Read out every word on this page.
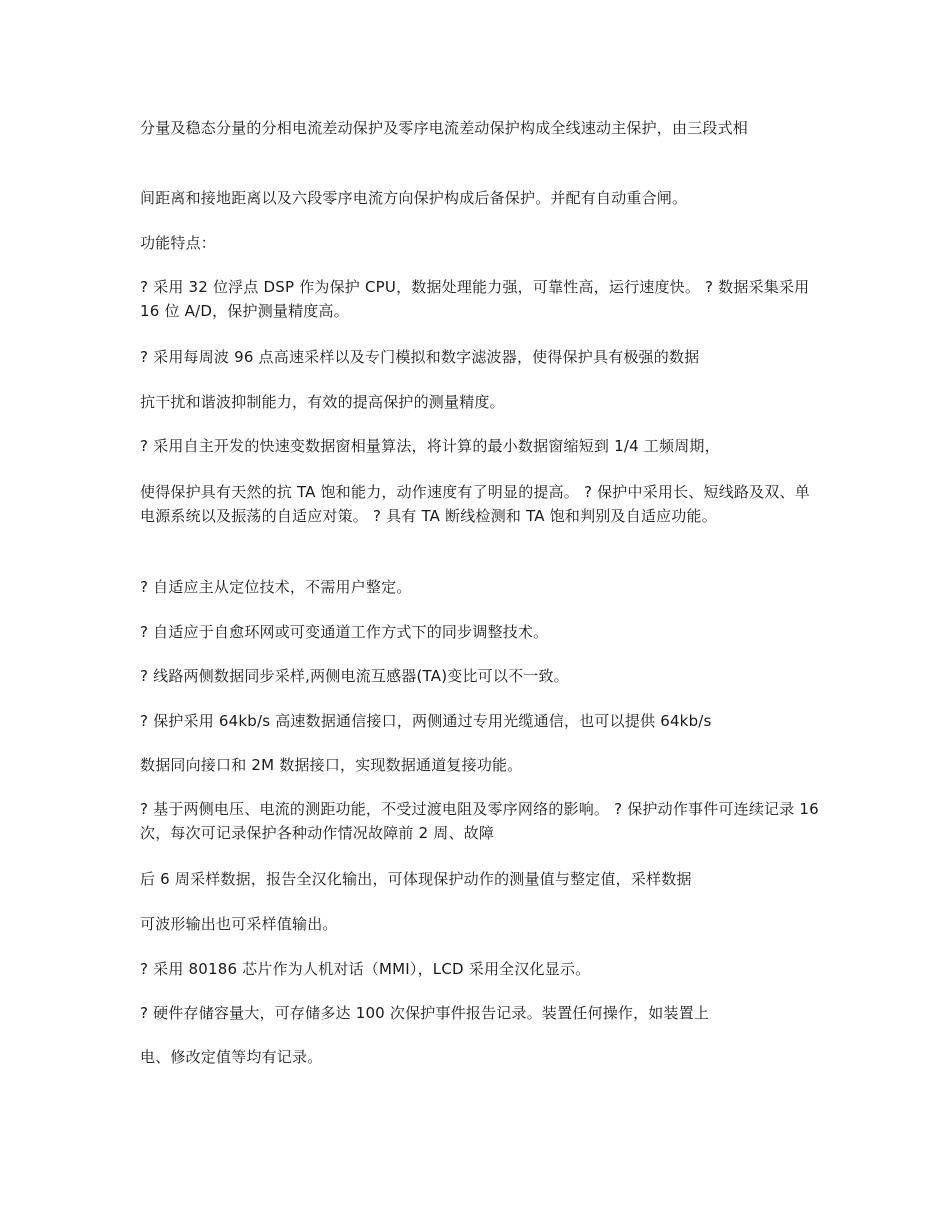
分量及稳态分量的分相电流差动保护及零序电流差动保护构成全线速动主保护，由三段式相

间距离和接地距离以及六段零序电流方向保护构成后备保护。并配有自动重合闸。

功能特点：

? 采用 32 位浮点 DSP 作为保护 CPU，数据处理能力强，可靠性高，运行速度快。 ? 数据采集采用 16 位 A/D，保护测量精度高。

? 采用每周波 96 点高速采样以及专门模拟和数字滤波器，使得保护具有极强的数据

抗干扰和谐波抑制能力，有效的提高保护的测量精度。

? 采用自主开发的快速变数据窗相量算法，将计算的最小数据窗缩短到 1/4 工频周期，

使得保护具有天然的抗 TA 饱和能力，动作速度有了明显的提高。 ? 保护中采用长、短线路及双、单电源系统以及振荡的自适应对策。 ? 具有 TA 断线检测和 TA 饱和判别及自适应功能。

? 自适应主从定位技术，不需用户整定。

? 自适应于自愈环网或可变通道工作方式下的同步调整技术。

? 线路两侧数据同步采样,两侧电流互感器(TA)变比可以不一致。

? 保护采用 64kb/s 高速数据通信接口，两侧通过专用光缆通信，也可以提供 64kb/s

数据同向接口和 2M 数据接口，实现数据通道复接功能。

? 基于两侧电压、电流的测距功能，不受过渡电阻及零序网络的影响。 ? 保护动作事件可连续记录 16 次，每次可记录保护各种动作情况故障前 2 周、故障

后 6 周采样数据，报告全汉化输出，可体现保护动作的测量值与整定值，采样数据

可波形输出也可采样值输出。

? 采用 80186 芯片作为人机对话（MMI），LCD 采用全汉化显示。

? 硬件存储容量大，可存储多达 100 次保护事件报告记录。装置任何操作，如装置上

电、修改定值等均有记录。
